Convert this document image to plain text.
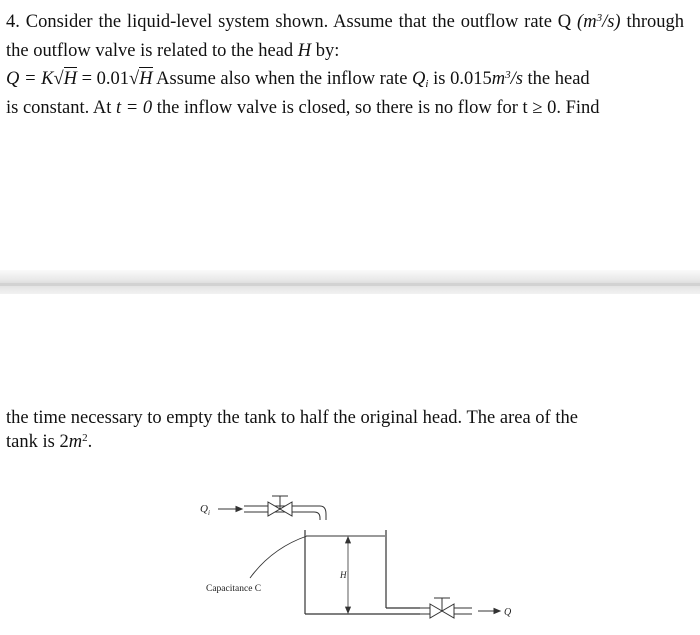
4. Consider the liquid-level system shown. Assume that the outflow rate Q $(m^3/s)$ through the outflow valve is related to the head H by:
Q = K√H = 0.01√H Assume also when the inflow rate $Q_i$ is $0.015m^3/s$ the head
is constant. At t = 0 the inflow valve is closed, so there is no flow for t ≥ 0. Find
the time necessary to empty the tank to half the original head. The area of the
tank is $2m^2$.
Q i
H
Capacitance C
Q
